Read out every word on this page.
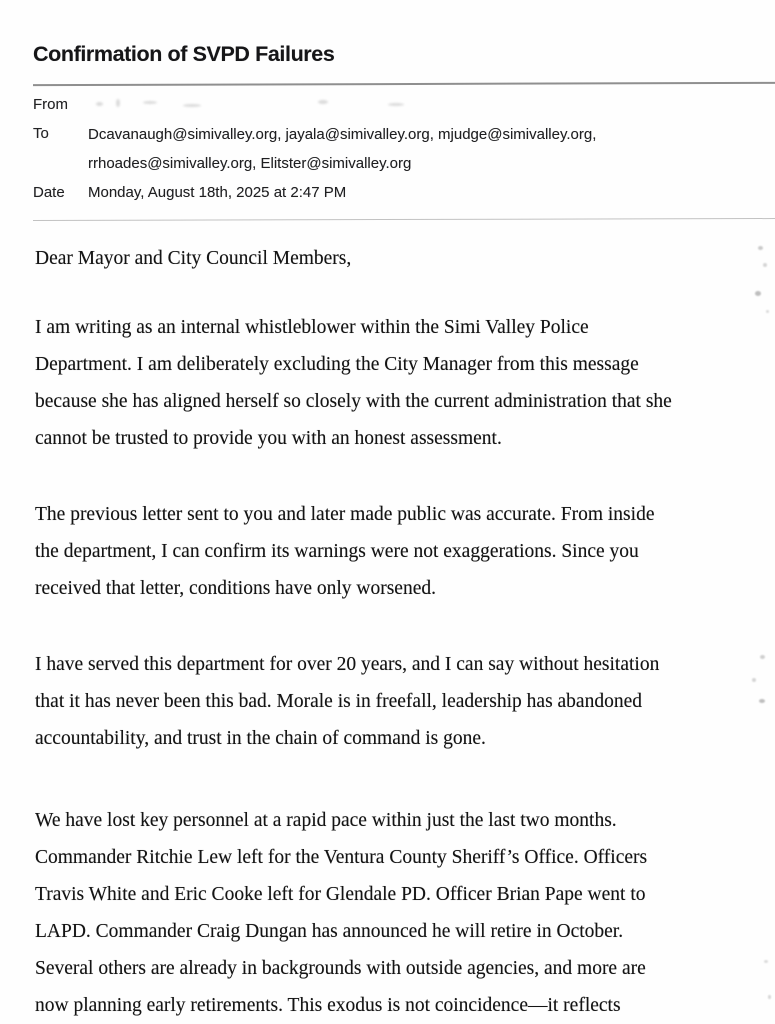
Confirmation of SVPD Failures
From
To	Dcavanaugh@simivalley.org, jayala@simivalley.org, mjudge@simivalley.org,
rrhoades@simivalley.org, Elitster@simivalley.org
Date	Monday, August 18th, 2025 at 2:47 PM

Dear Mayor and City Council Members,

I am writing as an internal whistleblower within the Simi Valley Police
Department. I am deliberately excluding the City Manager from this message
because she has aligned herself so closely with the current administration that she
cannot be trusted to provide you with an honest assessment.

The previous letter sent to you and later made public was accurate. From inside
the department, I can confirm its warnings were not exaggerations. Since you
received that letter, conditions have only worsened.

I have served this department for over 20 years, and I can say without hesitation
that it has never been this bad. Morale is in freefall, leadership has abandoned
accountability, and trust in the chain of command is gone.

We have lost key personnel at a rapid pace within just the last two months.
Commander Ritchie Lew left for the Ventura County Sheriff’s Office. Officers
Travis White and Eric Cooke left for Glendale PD. Officer Brian Pape went to
LAPD. Commander Craig Dungan has announced he will retire in October.
Several others are already in backgrounds with outside agencies, and more are
now planning early retirements. This exodus is not coincidence—it reflects
